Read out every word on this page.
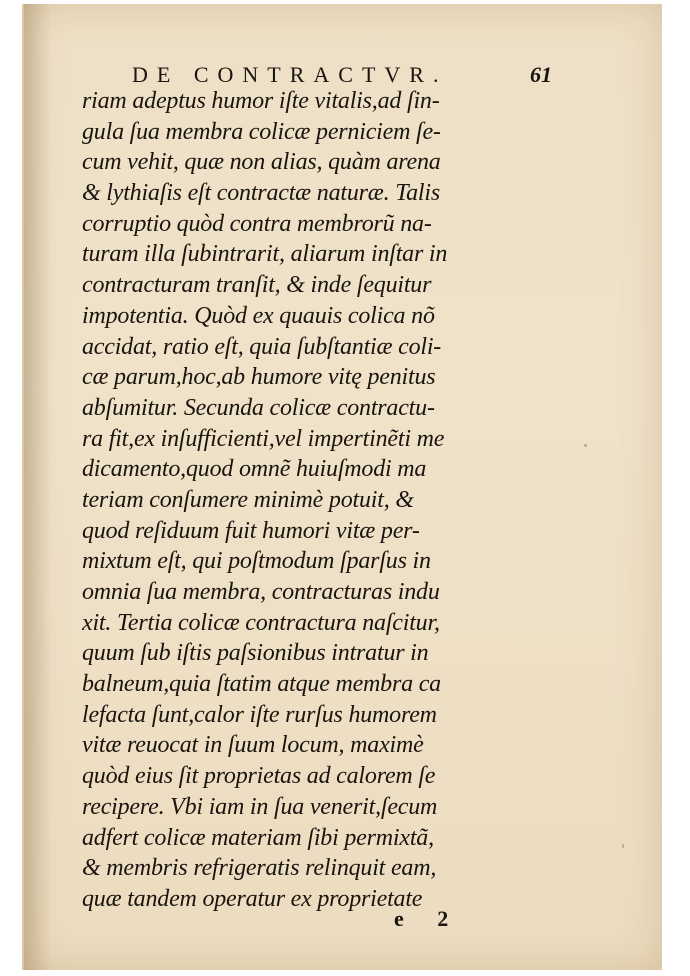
DE CONTRACTVR.	61
riam adeptus humor iſte vitalis,ad ſin-
gula ſua membra colicæ perniciem ſe-
cum vehit, quæ non alias, quàm arena
& lythiaſis eſt contractæ naturæ. Talis
corruptio quòd contra membrorũ na-
turam illa ſubintrarit, aliarum inſtar in
contracturam tranſit, & inde ſequitur
impotentia. Quòd ex quauis colica nõ
accidat, ratio eſt, quia ſubſtantiæ coli-
cæ parum,hoc,ab humore vitę penitus
abſumitur. Secunda colicæ contractu-
ra fit,ex inſufficienti,vel impertinẽti me
dicamento,quod omnẽ huiuſmodi ma
teriam conſumere minimè potuit, &
quod reſiduum fuit humori vitæ per-
mixtum eſt, qui poſtmodum ſparſus in
omnia ſua membra, contracturas indu
xit. Tertia colicæ contractura naſcitur,
quum ſub iſtis paſsionibus intratur in
balneum,quia ſtatim atque membra ca
lefacta ſunt,calor iſte rurſus humorem
vitæ reuocat in ſuum locum, maximè
quòd eius ſit proprietas ad calorem ſe
recipere. Vbi iam in ſua venerit,ſecum
adfert colicæ materiam ſibi permixtã,
& membris refrigeratis relinquit eam,
quæ tandem operatur ex proprietate
e 2
